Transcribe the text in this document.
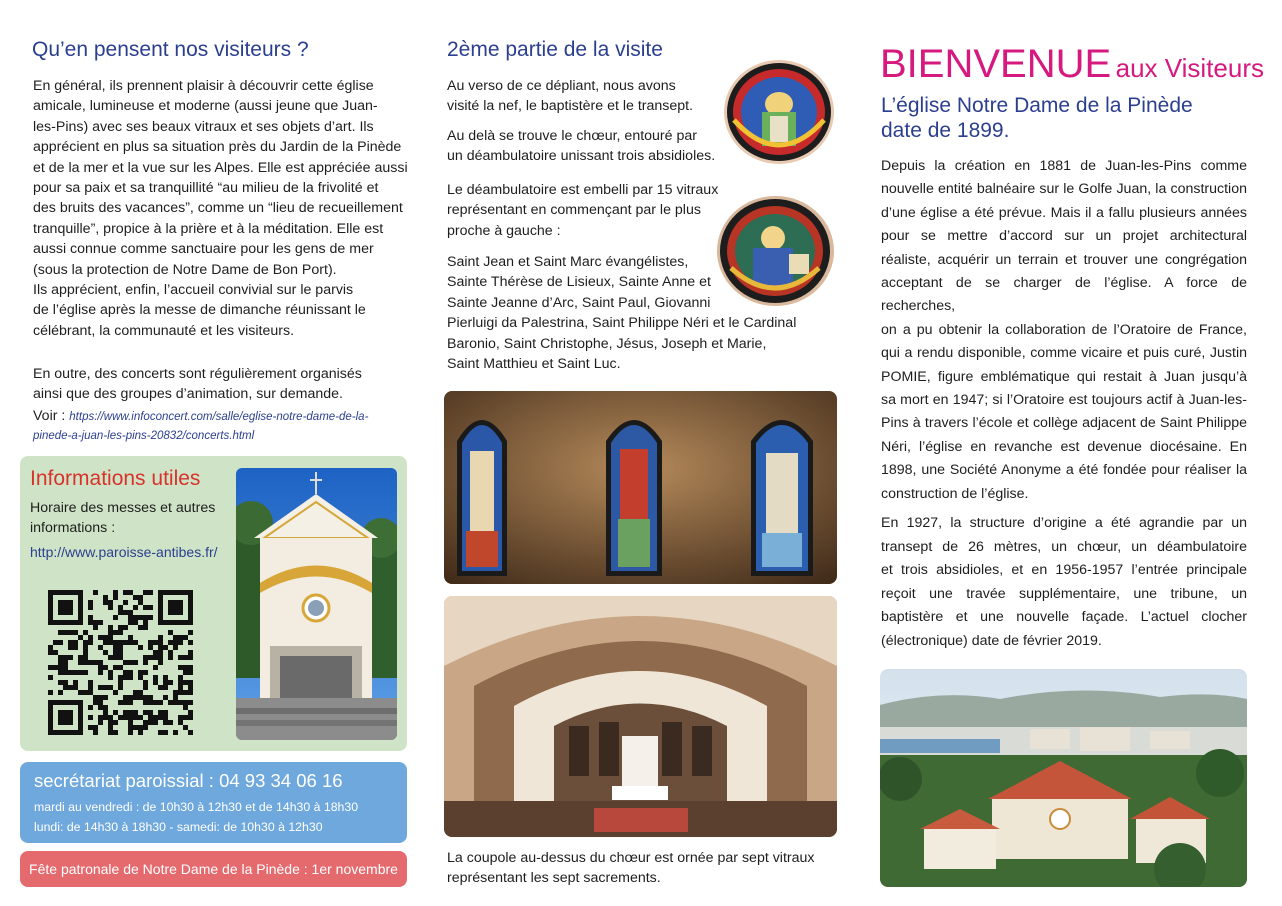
Qu’en pensent nos visiteurs ?
En général, ils prennent plaisir à découvrir cette église
amicale, lumineuse et moderne (aussi jeune que Juan-
les-Pins) avec ses beaux vitraux et ses objets d’art. Ils
apprécient en plus sa situation près du Jardin de la Pinède
et de la mer et la vue sur les Alpes. Elle est appréciée aussi
pour sa paix et sa tranquillité “au milieu de la frivolité et
des bruits des vacances”, comme un “lieu de recueillement
tranquille”, propice à la prière et à la méditation. Elle est
aussi connue comme sanctuaire pour les gens de mer
(sous la protection de Notre Dame de Bon Port).
Ils apprécient, enfin, l’accueil convivial sur le parvis
de l’église après la messe de dimanche réunissant le
célébrant, la communauté et les visiteurs.
En outre, des concerts sont régulièrement organisés
ainsi que des groupes d’animation, sur demande.
Voir : https://www.infoconcert.com/salle/eglise-notre-dame-de-la-
pinede-a-juan-les-pins-20832/concerts.html
Informations utiles
Horaire des messes et autres informations :
http://www.paroisse-antibes.fr/
secrétariat paroissial : 04 93 34 06 16
mardi au vendredi : de 10h30 à 12h30 et de 14h30 à 18h30
lundi: de 14h30 à 18h30 - samedi: de 10h30 à 12h30
Fête patronale de Notre Dame de la Pinède : 1er novembre
2ème partie de la visite
Au verso de ce dépliant, nous avons
visité la nef, le baptistère et le transept.
Au delà se trouve le chœur, entouré par
un déambulatoire unissant trois absidioles.
Le déambulatoire est embelli par 15 vitraux
représentant en commençant par le plus
proche à gauche :
Saint Jean et Saint Marc évangélistes,
Sainte Thérèse de Lisieux, Sainte Anne et
Sainte Jeanne d’Arc, Saint Paul, Giovanni
Pierluigi da Palestrina, Saint Philippe Néri et le Cardinal
Baronio, Saint Christophe, Jésus, Joseph et Marie,
Saint Matthieu et Saint Luc.
La coupole au-dessus du chœur est ornée par sept vitraux
représentant les sept sacrements.
BIENVENUE aux Visiteurs
L’église Notre Dame de la Pinède
date de 1899.
Depuis la création en 1881 de Juan-les-Pins comme
nouvelle entité balnéaire sur le Golfe Juan, la construction
d’une église a été prévue. Mais il a fallu plusieurs années
pour se mettre d’accord sur un projet architectural
réaliste, acquérir un terrain et trouver une congrégation
acceptant de se charger de l’église. A force de recherches,
on a pu obtenir la collaboration de l’Oratoire de France,
qui a rendu disponible, comme vicaire et puis curé, Justin
POMIE, figure emblématique qui restait à Juan jusqu’à
sa mort en 1947; si l’Oratoire est toujours actif à Juan-les-
Pins à travers l’école et collège adjacent de Saint Philippe
Néri, l’église en revanche est devenue diocésaine. En
1898, une Société Anonyme a été fondée pour réaliser la
construction de l’église.
En 1927, la structure d’origine a été agrandie par un
transept de 26 mètres, un chœur, un déambulatoire
et trois absidioles, et en 1956-1957 l’entrée principale
reçoit une travée supplémentaire, une tribune, un
baptistère et une nouvelle façade. L’actuel clocher
(électronique) date de février 2019.
